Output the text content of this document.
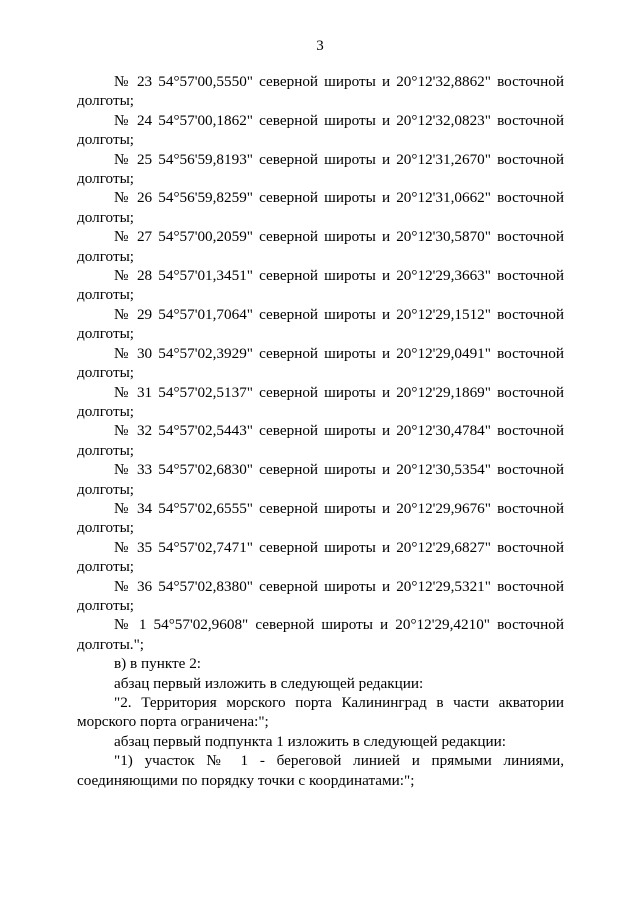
3

№ 23 54°57'00,5550" северной широты и 20°12'32,8862" восточной долготы;

№ 24 54°57'00,1862" северной широты и 20°12'32,0823" восточной долготы;

№ 25 54°56'59,8193" северной широты и 20°12'31,2670" восточной долготы;

№ 26 54°56'59,8259" северной широты и 20°12'31,0662" восточной долготы;

№ 27 54°57'00,2059" северной широты и 20°12'30,5870" восточной долготы;

№ 28 54°57'01,3451" северной широты и 20°12'29,3663" восточной долготы;

№ 29 54°57'01,7064" северной широты и 20°12'29,1512" восточной долготы;

№ 30 54°57'02,3929" северной широты и 20°12'29,0491" восточной долготы;

№ 31 54°57'02,5137" северной широты и 20°12'29,1869" восточной долготы;

№ 32 54°57'02,5443" северной широты и 20°12'30,4784" восточной долготы;

№ 33 54°57'02,6830" северной широты и 20°12'30,5354" восточной долготы;

№ 34 54°57'02,6555" северной широты и 20°12'29,9676" восточной долготы;

№ 35 54°57'02,7471" северной широты и 20°12'29,6827" восточной долготы;

№ 36 54°57'02,8380" северной широты и 20°12'29,5321" восточной долготы;

№ 1 54°57'02,9608" северной широты и 20°12'29,4210" восточной долготы.";

в) в пункте 2:

абзац первый изложить в следующей редакции:

"2. Территория морского порта Калининград в части акватории морского порта ограничена:";

абзац первый подпункта 1 изложить в следующей редакции:

"1) участок № 1 - береговой линией и прямыми линиями, соединяющими по порядку точки с координатами:";
